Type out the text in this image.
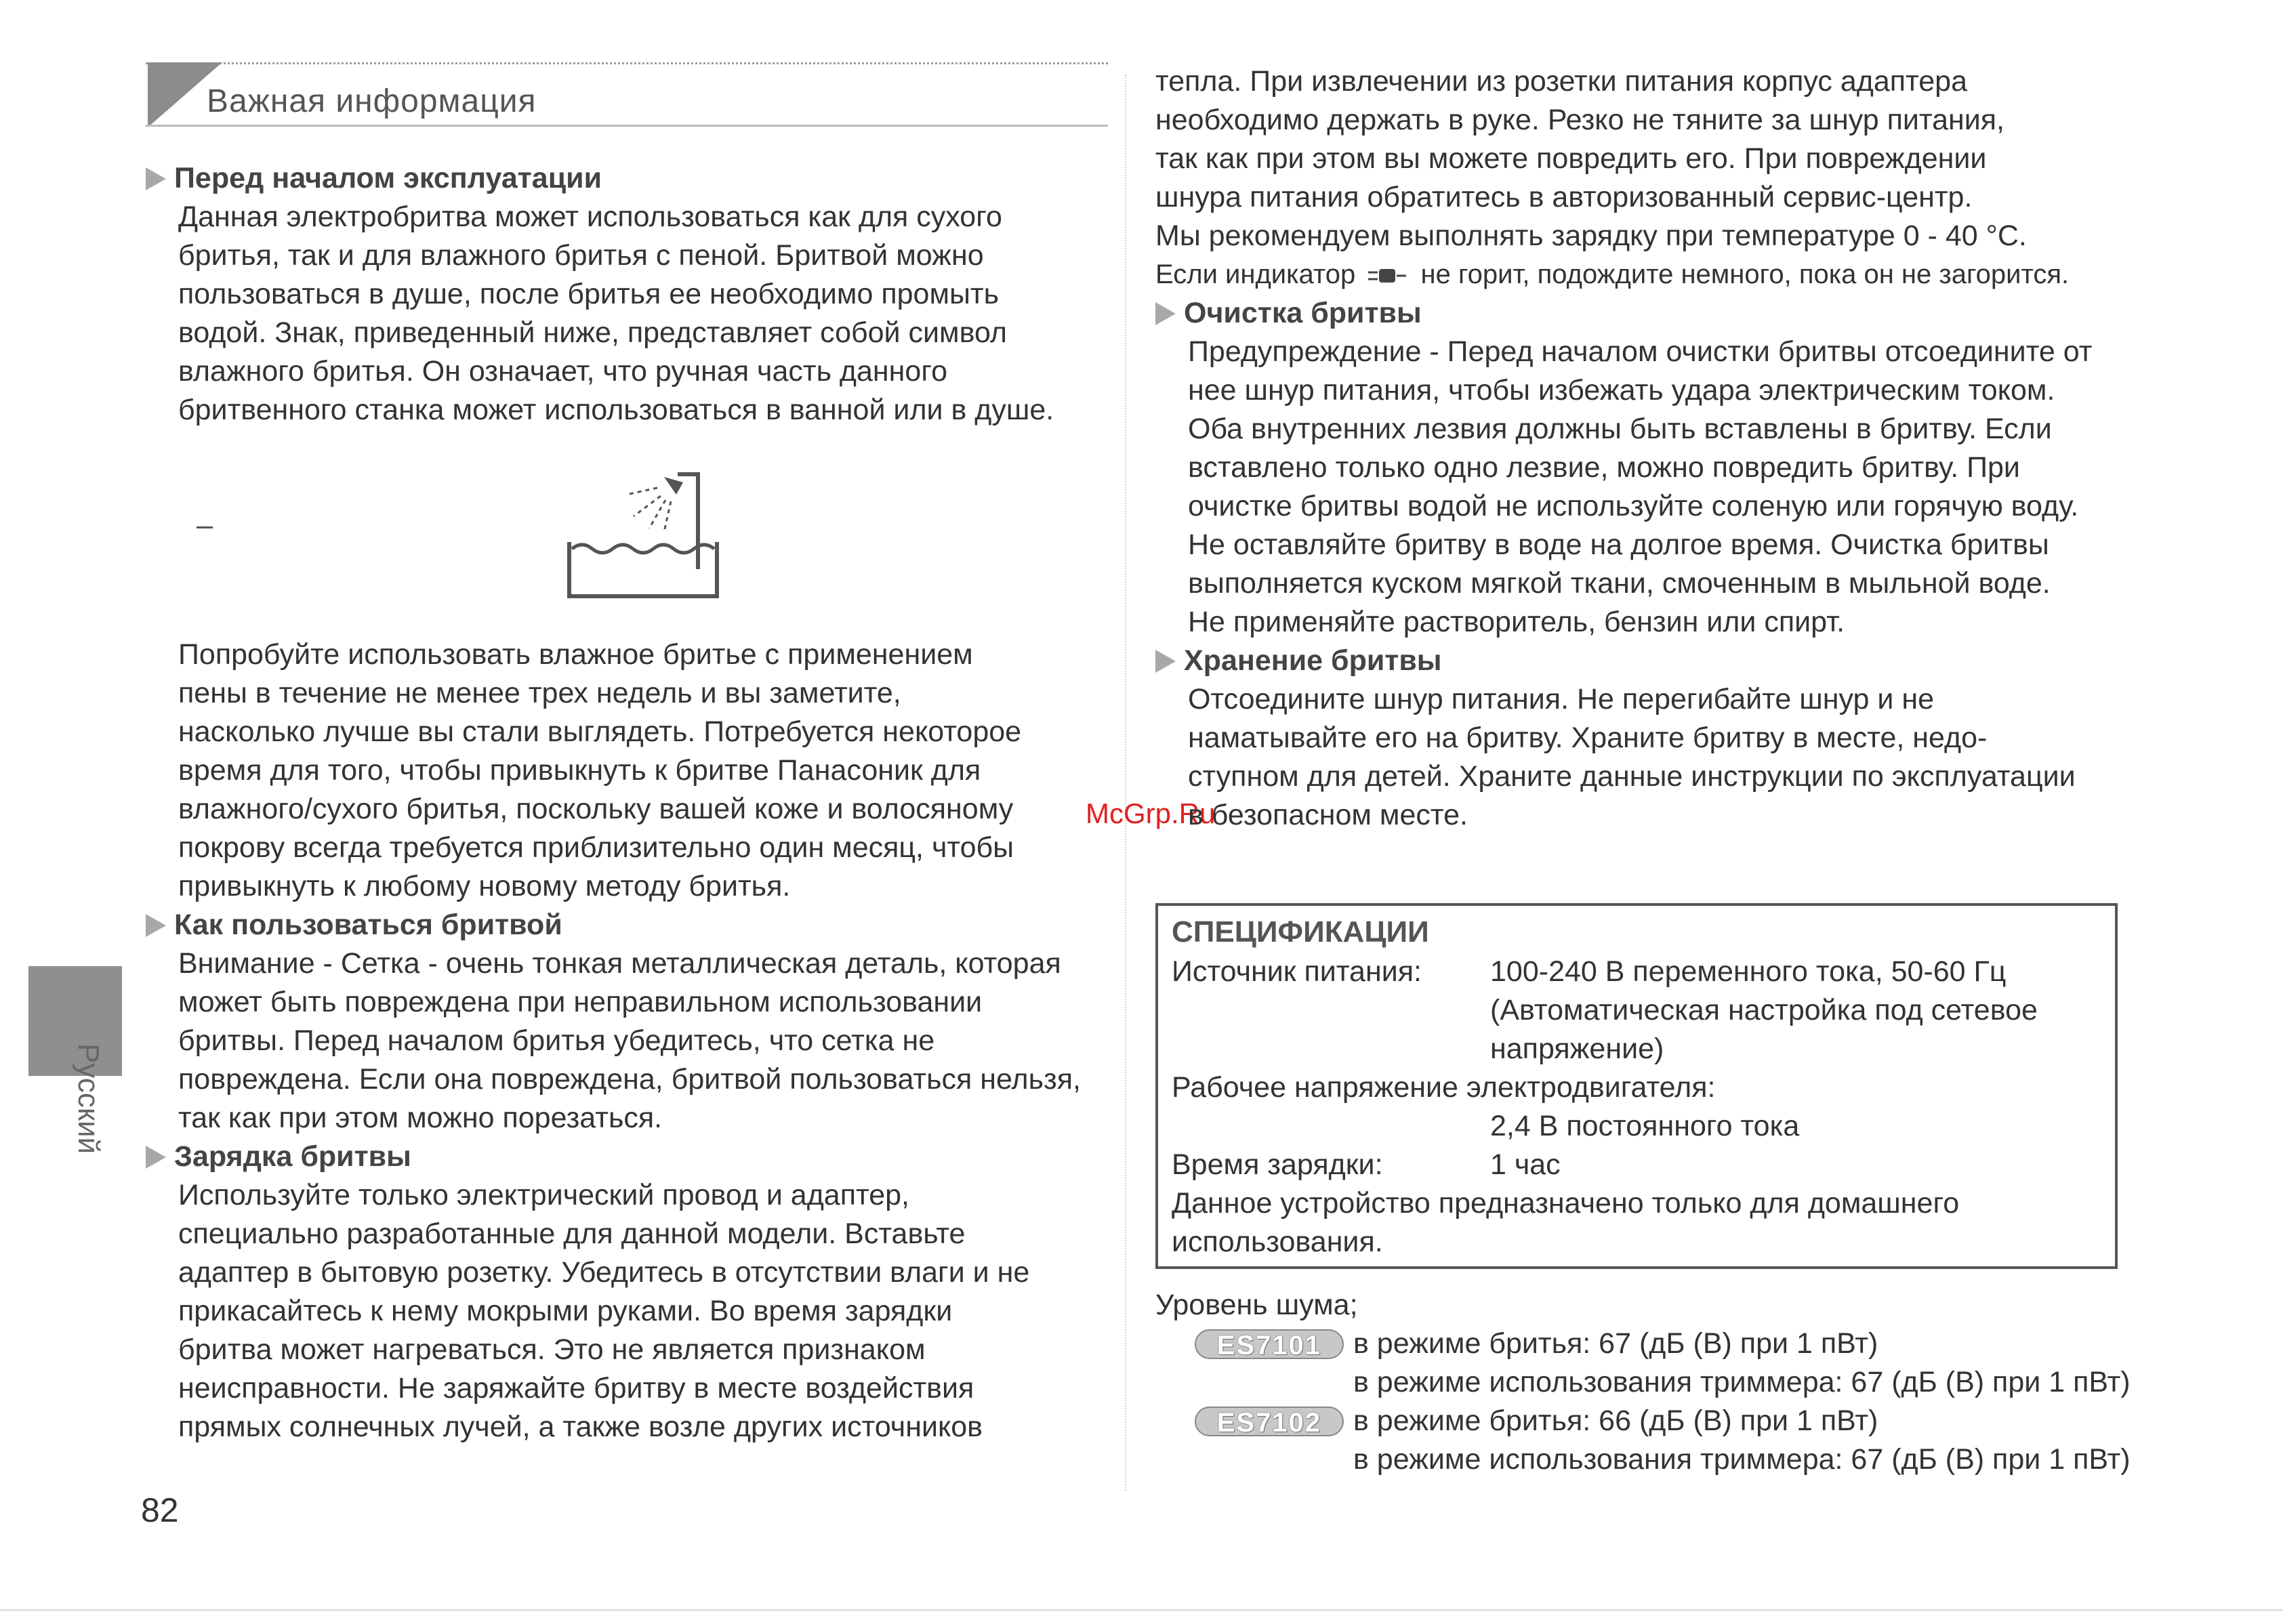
Важная информация
Перед началом эксплуатации

Данная электробритва может использоваться как для сухого

бритья, так и для влажного бритья с пеной. Бритвой можно

пользоваться в душе, после бритья ее необходимо промыть

водой. Знак, приведенный ниже, представляет собой символ

влажного бритья. Он означает, что ручная часть данного

бритвенного станка может использоваться в ванной или в душе.

Попробуйте использовать влажное бритье с применением

пены в течение не менее трех недель и вы заметите,

насколько лучше вы стали выглядеть. Потребуется некоторое

время для того, чтобы привыкнуть к бритве Панасоник для

влажного/сухого бритья, поскольку вашей коже и волосяному

покрову всегда требуется приблизительно один месяц, чтобы

привыкнуть к любому новому методу бритья.

Как пользоваться бритвой

Внимание - Сетка - очень тонкая металлическая деталь, которая

может быть повреждена при неправильном использовании

бритвы. Перед началом бритья убедитесь, что сетка не

повреждена. Если она повреждена, бритвой пользоваться нельзя,

так как при этом можно порезаться.

Зарядка бритвы

Используйте только электрический провод и адаптер,

специально разработанные для данной модели. Вставьте

адаптер в бытовую розетку. Убедитесь в отсутствии влаги и не

прикасайтесь к нему мокрыми руками. Во время зарядки

бритва может нагреваться. Это не является признаком

неисправности. Не заряжайте бритву в месте воздействия

прямых солнечных лучей, а также возле других источников

Русский
McGrp.Ru

тепла. При извлечении из розетки питания корпус адаптера

необходимо держать в руке. Резко не тяните за шнур питания,

так как при этом вы можете повредить его. При повреждении

шнура питания обратитесь в авторизованный сервис-центр.

Мы рекомендуем выполнять зарядку при температуре 0 - 40 °C.

Если индикатор не горит, подождите немного, пока он не загорится.

Очистка бритвы

Предупреждение - Перед началом очистки бритвы отсоедините от

нее шнур питания, чтобы избежать удара электрическим током.

Оба внутренних лезвия должны быть вставлены в бритву. Если

вставлено только одно лезвие, можно повредить бритву. При

очистке бритвы водой не используйте соленую или горячую воду.

Не оставляйте бритву в воде на долгое время. Очистка бритвы

выполняется куском мягкой ткани, смоченным в мыльной воде.

Не применяйте растворитель, бензин или спирт.

Хранение бритвы

Отсоедините шнур питания. Не перегибайте шнур и не

наматывайте его на бритву. Храните бритву в месте, недо-

ступном для детей. Храните данные инструкции по эксплуатации

в безопасном месте.

СПЕЦИФИКАЦИИ
Источник питания:	100-240 В переменного тока, 50-60 Гц
(Автоматическая настройка под сетевое
напряжение)
Рабочее напряжение электродвигателя:
2,4 В постоянного тока
Время зарядки:	1 час
Данное устройство предназначено только для домашнего
использования.
Уровень шума;
ES7101	в режиме бритья: 67 (дБ (В) при 1 пВт)
в режиме использования триммера: 67 (дБ (В) при 1 пВт)
ES7102	в режиме бритья: 66 (дБ (В) при 1 пВт)
в режиме использования триммера: 67 (дБ (В) при 1 пВт)
82
